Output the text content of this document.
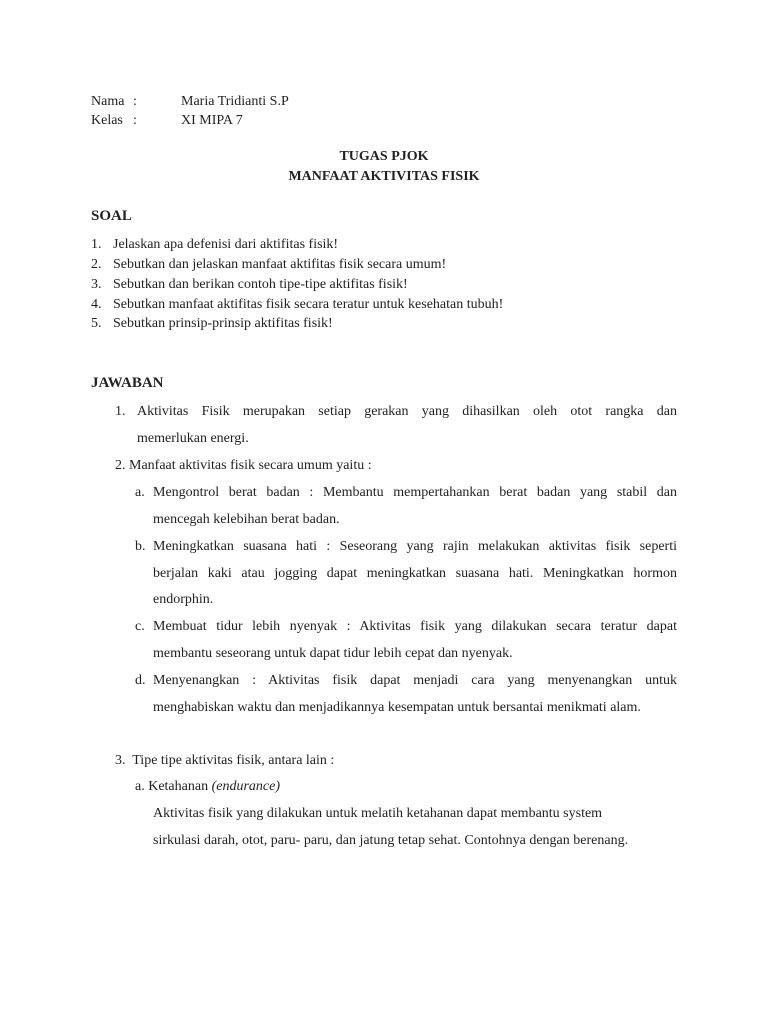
Nama :	Maria Tridianti S.P
Kelas :	XI MIPA 7
TUGAS PJOK
MANFAAT AKTIVITAS FISIK
SOAL
1. Jelaskan apa defenisi dari aktifitas fisik!
2. Sebutkan dan jelaskan manfaat aktifitas fisik secara umum!
3. Sebutkan dan berikan contoh tipe-tipe aktifitas fisik!
4. Sebutkan manfaat aktifitas fisik secara teratur untuk kesehatan tubuh!
5. Sebutkan prinsip-prinsip aktifitas fisik!
JAWABAN
1. Aktivitas Fisik merupakan setiap gerakan yang dihasilkan oleh otot rangka dan
memerlukan energi.
2. Manfaat aktivitas fisik secara umum yaitu :
a. Mengontrol berat badan : Membantu mempertahankan berat badan yang stabil dan
mencegah kelebihan berat badan.
b. Meningkatkan suasana hati : Seseorang yang rajin melakukan aktivitas fisik seperti
berjalan kaki atau jogging dapat meningkatkan suasana hati. Meningkatkan hormon
endorphin.
c. Membuat tidur lebih nyenyak : Aktivitas fisik yang dilakukan secara teratur dapat
membantu seseorang untuk dapat tidur lebih cepat dan nyenyak.
d. Menyenangkan : Aktivitas fisik dapat menjadi cara yang menyenangkan untuk
menghabiskan waktu dan menjadikannya kesempatan untuk bersantai menikmati alam.
3.  Tipe tipe aktivitas fisik, antara lain :
a. Ketahanan (endurance)
Aktivitas fisik yang dilakukan untuk melatih ketahanan dapat membantu system
sirkulasi darah, otot, paru- paru, dan jatung tetap sehat. Contohnya dengan berenang.
